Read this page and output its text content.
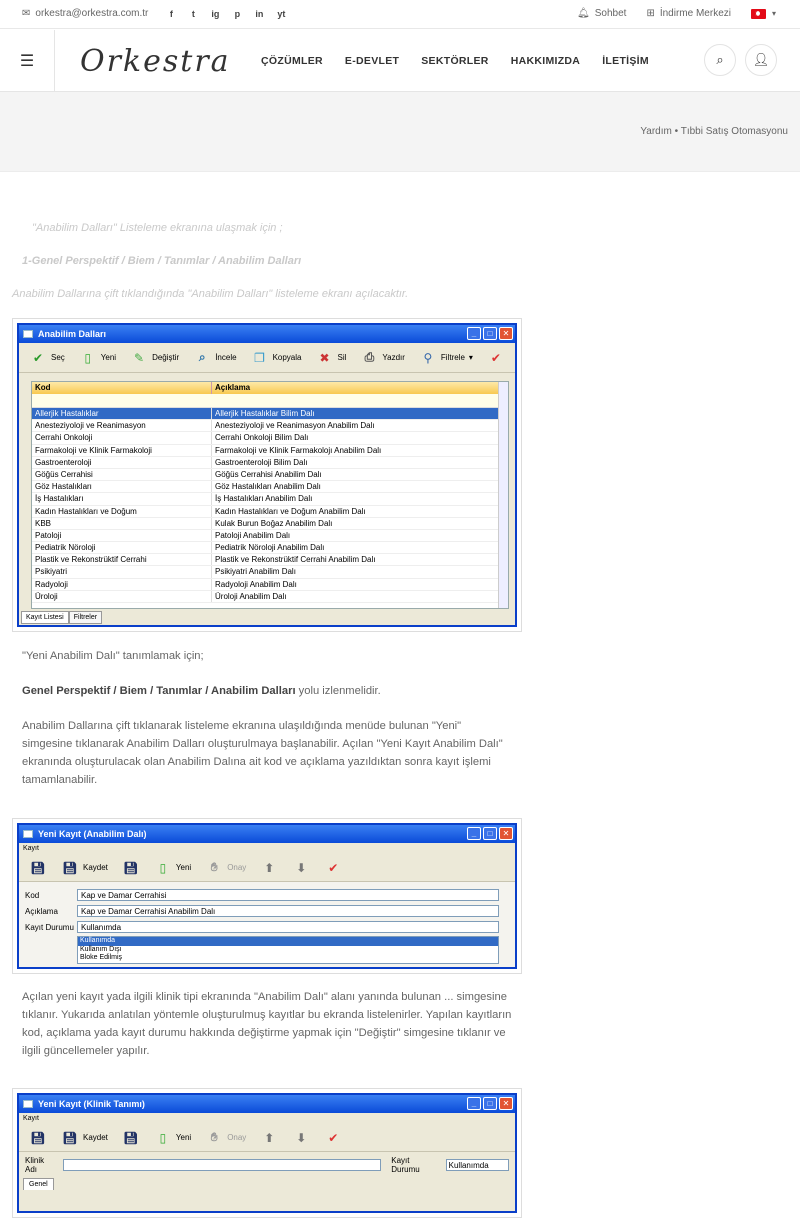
✉ orkestra@orkestra.com.tr	f	t	ig	p	in	yt	🔔︎ Sohbet ⊞ İndirme Merkezi	▾
☰ Orkestra	ÇÖZÜMLER E-DEVLET SEKTÖRLER HAKKIMIZDA İLETİŞİM	⌕ 👤︎
Yardım • Tıbbi Satış Otomasyonu
"Anabilim Dalları" Listeleme ekranına ulaşmak için ;
1-Genel Perspektif / Biem / Tanımlar / Anabilim Dalları
Anabilim Dallarına çift tıklandığında "Anabilim Dalları" listeleme ekranı açılacaktır.
Anabilim Dalları	_	□	✕
✔ Seç	▯	Yeni	✎ Değiştir	⌕	İncele	❐ Kopyala	✖ Sil	⎙	Yazdır	⚲	Filtrele ▾	✔
Kod	Açıklama
Allerjik Hastalıklar	Allerjik Hastalıklar Bilim Dalı
Anesteziyoloji ve Reanimasyon	Anesteziyoloji ve Reanimasyon Anabilim Dalı
Cerrahi Onkoloji	Cerrahi Onkoloji Bilim Dalı
Farmakoloji ve Klinik Farmakoloji	Farmakoloji ve Klinik Farmakolojı Anabilim Dalı
Gastroenteroloji	Gastroenteroloji Bilim Dalı
Göğüs Cerrahisi	Göğüs Cerrahisi Anabilim Dalı
Göz Hastalıkları	Göz Hastalıkları Anabilim Dalı
İş Hastalıkları	İş Hastalıkları Anabilim Dalı
Kadın Hastalıkları ve Doğum	Kadın Hastalıkları ve Doğum Anabilim Dalı
KBB	Kulak Burun Boğaz Anabilim Dalı
Patoloji	Patoloji Anabilim Dalı
Pediatrik Nöroloji	Pediatrik Nöroloji Anabilim Dalı
Plastik ve Rekonstrüktif Cerrahi	Plastik ve Rekonstrüktif Cerrahi Anabilim Dalı
Psikiyatri	Psikiyatri Anabilim Dalı
Radyoloji	Radyoloji Anabilim Dalı
Üroloji	Üroloji Anabilim Dalı
Kayıt Listesi	Filtreler
"Yeni Anabilim Dalı" tanımlamak için;
Genel Perspektif / Biem / Tanımlar / Anabilim Dalları yolu izlenmelidir.
Anabilim Dallarına çift tıklanarak listeleme ekranına ulaşıldığında menüde bulunan "Yeni" simgesine tıklanarak Anabilim Dalları oluşturulmaya başlanabilir. Açılan "Yeni Kayıt Anabilim Dalı" ekranında oluşturulacak olan Anabilim Dalına ait kod ve açıklama yazıldıktan sonra kayıt işlemi tamamlanabilir.
Yeni Kayıt (Anabilim Dalı)	_	□	✕
Kayıt
💾︎ 💾︎ Kaydet 💾︎	▯	Yeni	✋︎	Onay	⬆	⬇	✔
Kod	Kap ve Damar Cerrahisi
Açıklama	Kap ve Damar Cerrahisi Anabilim Dalı
Kayıt Durumu Kullanımda
Kullanımda
Kullanım Dışı
Bloke Edilmiş
Açılan yeni kayıt yada ilgili klinik tipi ekranında "Anabilim Dalı" alanı yanında bulunan ... simgesine tıklanır. Yukarıda anlatılan yöntemle oluşturulmuş kayıtlar bu ekranda listelenirler. Yapılan kayıtların kod, açıklama yada kayıt durumu hakkında değiştirme yapmak için "Değiştir" simgesine tıklanır ve ilgili güncellemeler yapılır.
Yeni Kayıt (Klinik Tanımı)	_	□	✕
Kayıt
💾︎ 💾︎ Kaydet 💾︎	▯	Yeni	✋︎	Onay	⬆	⬇	✔
Klinik Adı
Kayıt Durumu	Kullanımda
Genel
